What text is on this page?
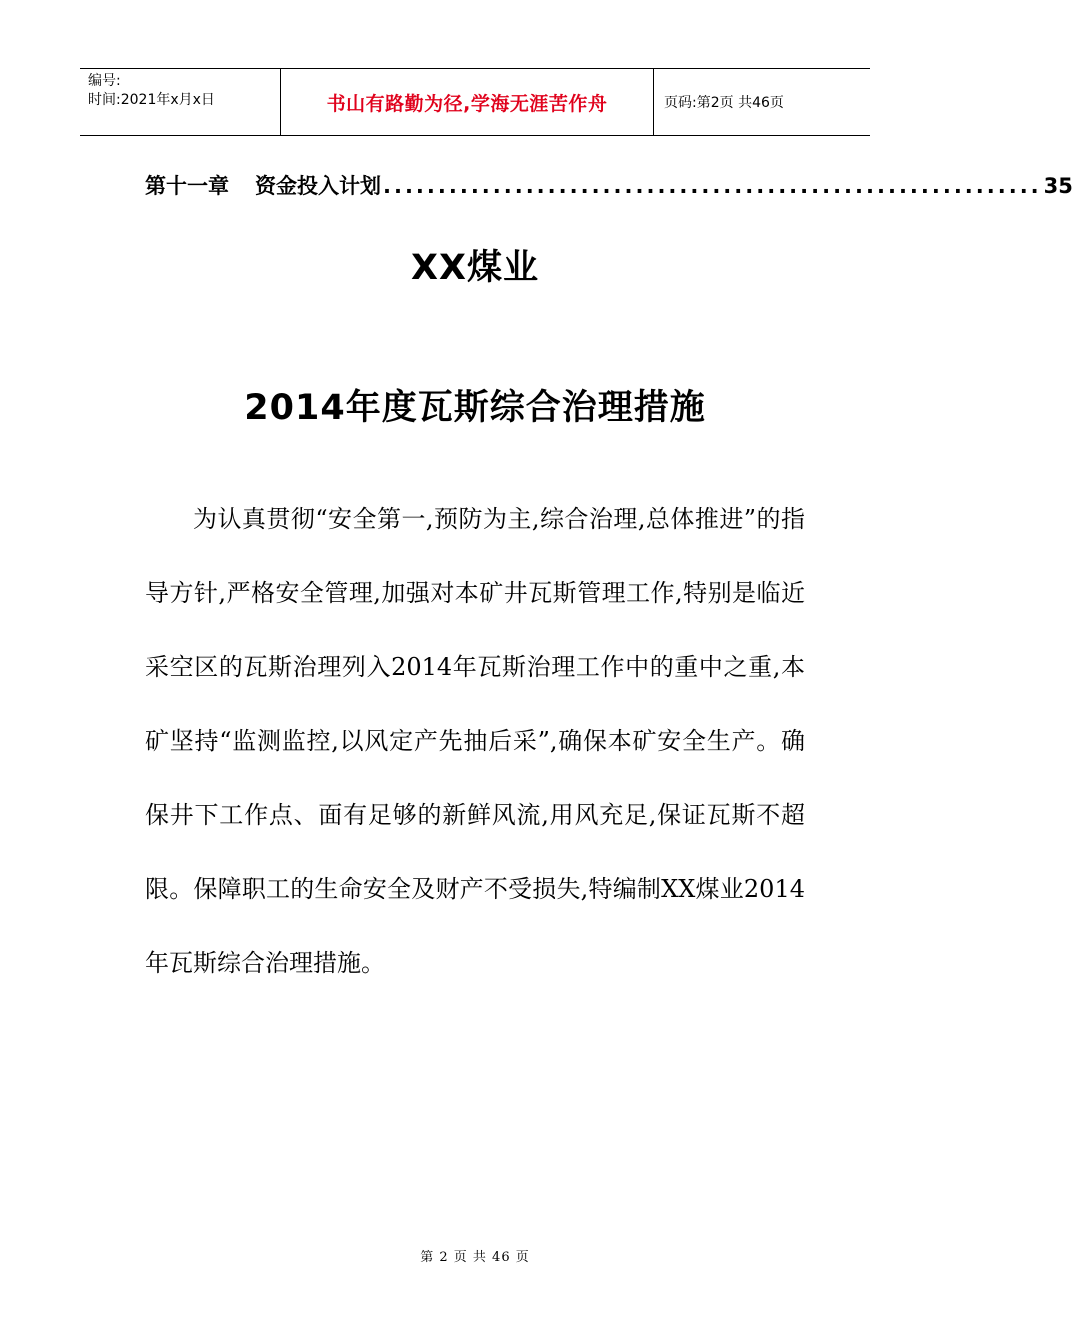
编号:
时间:2021年x月x日	书山有路勤为径,学海无涯苦作舟	页码:第2页 共46页
第十一章 资金投入计划 ............................................................ 35
XX煤业
2014年度瓦斯综合治理措施

为认真贯彻“安全第一,预防为主,综合治理,总体推进”的指导方针,严格安全管理,加强对本矿井瓦斯管理工作,特别是临近采空区的瓦斯治理列入2014年瓦斯治理工作中的重中之重,本矿坚持“监测监控,以风定产先抽后采”,确保本矿安全生产。确保井下工作点、面有足够的新鲜风流,用风充足,保证瓦斯不超限。保障职工的生命安全及财产不受损失,特编制XX煤业2014年瓦斯综合治理措施。

第 2 页 共 46 页
